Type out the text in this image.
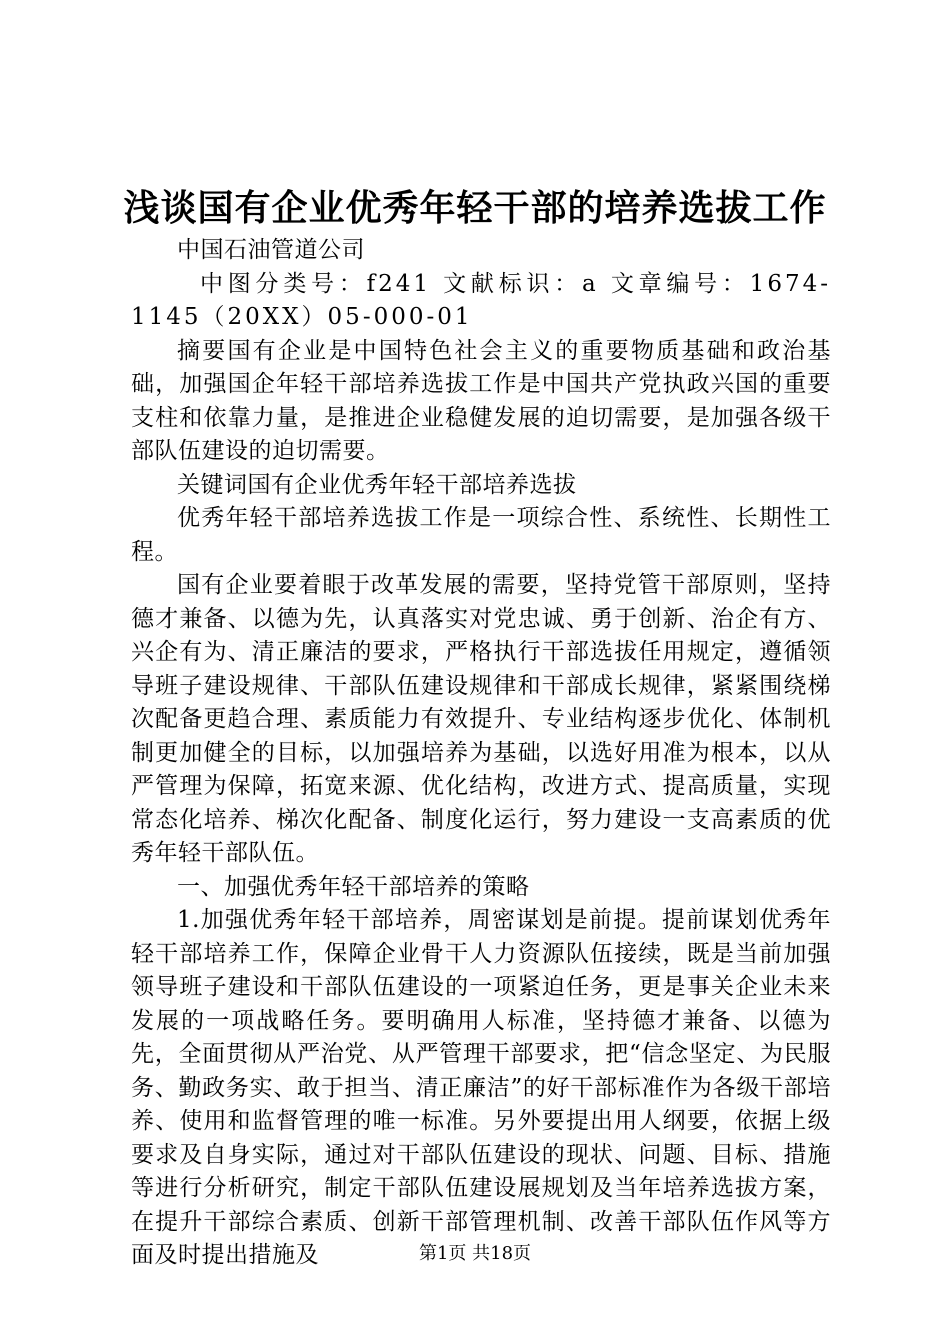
浅谈国有企业优秀年轻干部的培养选拔工作

中国石油管道公司

中图分类号：f241 文献标识：a 文章编号：1674-1145（20XX）05-000-01

摘要国有企业是中国特色社会主义的重要物质基础和政治基础，加强国企年轻干部培养选拔工作是中国共产党执政兴国的重要支柱和依靠力量，是推进企业稳健发展的迫切需要，是加强各级干部队伍建设的迫切需要。

关键词国有企业优秀年轻干部培养选拔

优秀年轻干部培养选拔工作是一项综合性、系统性、长期性工程。

国有企业要着眼于改革发展的需要，坚持党管干部原则，坚持德才兼备、以德为先，认真落实对党忠诚、勇于创新、治企有方、兴企有为、清正廉洁的要求，严格执行干部选拔任用规定，遵循领导班子建设规律、干部队伍建设规律和干部成长规律，紧紧围绕梯次配备更趋合理、素质能力有效提升、专业结构逐步优化、体制机制更加健全的目标，以加强培养为基础，以选好用准为根本，以从严管理为保障，拓宽来源、优化结构，改进方式、提高质量，实现常态化培养、梯次化配备、制度化运行，努力建设一支高素质的优秀年轻干部队伍。

一、加强优秀年轻干部培养的策略

1.加强优秀年轻干部培养，周密谋划是前提。提前谋划优秀年轻干部培养工作，保障企业骨干人力资源队伍接续，既是当前加强领导班子建设和干部队伍建设的一项紧迫任务，更是事关企业未来发展的一项战略任务。要明确用人标准，坚持德才兼备、以德为先，全面贯彻从严治党、从严管理干部要求，把“信念坚定、为民服务、勤政务实、敢于担当、清正廉洁”的好干部标准作为各级干部培养、使用和监督管理的唯一标准。另外要提出用人纲要，依据上级要求及自身实际，通过对干部队伍建设的现状、问题、目标、措施等进行分析研究，制定干部队伍建设展规划及当年培养选拔方案，在提升干部综合素质、创新干部管理机制、改善干部队伍作风等方面及时提出措施及	第1页 共18页
